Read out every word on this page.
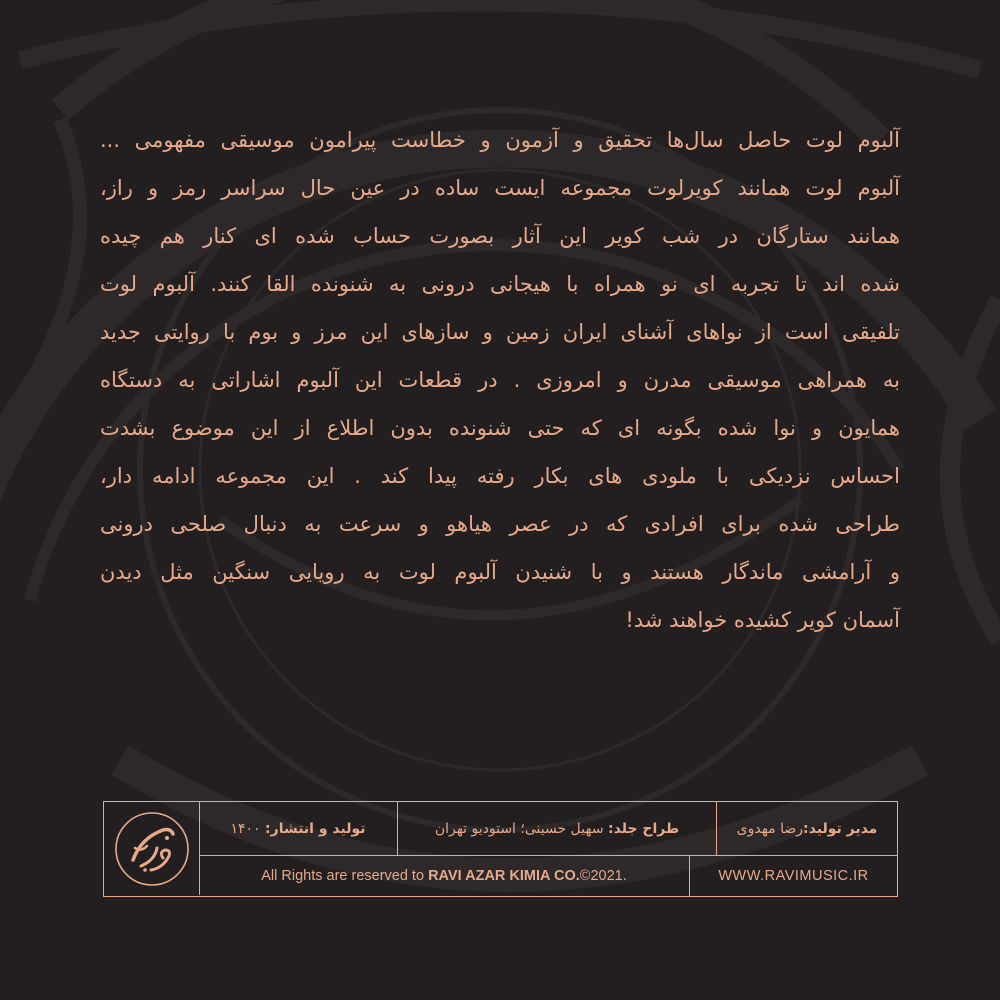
آلبوم لوت حاصل سال‌ها تحقیق و آزمون و خطاست پیرامون موسیقی مفهومی ...
آلبوم لوت همانند کویرلوت مجموعه ایست ساده در عین حال سراسر رمز و راز،
همانند ستارگان در شب کویر این آثار بصورت حساب شده ای کنار هم چیده
شده اند تا تجربه ای نو همراه با هیجانی درونی به شنونده القا کنند. آلبوم لوت
تلفیقی است از نواهای آشنای ایران زمین و سازهای این مرز و بوم با روایتی جدید
به همراهی موسیقی مدرن و امروزی . در قطعات این آلبوم اشاراتی به دستگاه
همایون و نوا شده بگونه ای که حتی شنونده بدون اطلاع از این موضوع بشدت
احساس نزدیکی با ملودی های بکار رفته پیدا کند . این مجموعه ادامه دار،
طراحی شده برای افرادی که در عصر هیاهو و سرعت به دنبال صلحی درونی
و آرامشی ماندگار هستند و با شنیدن آلبوم لوت به رویایی سنگین مثل دیدن
آسمان کویر کشیده خواهند شد!
مدیر تولید:
رضا مهدوی
طراح جلد:

سهیل حسینی؛ استودیو تهران
تولید و انتشار:

۱۴۰۰
All Rights are reserved to
RAVI AZAR KIMIA CO. ©2021.	WWW.RAVIMUSIC.IR
